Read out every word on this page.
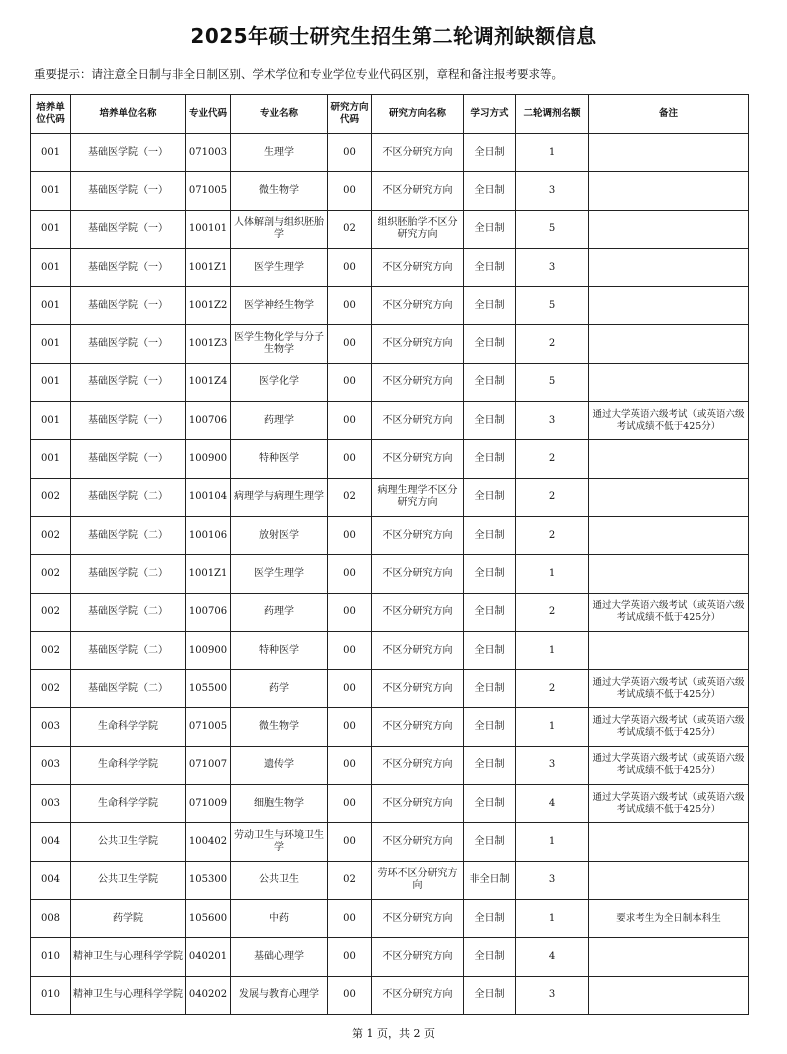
2025年硕士研究生招生第二轮调剂缺额信息
重要提示：请注意全日制与非全日制区别、学术学位和专业学位专业代码区别，章程和备注报考要求等。
培养单位代码	培养单位名称	专业代码	专业名称	研究方向代码	研究方向名称	学习方式	二轮调剂名额	备注
001	基础医学院（一）	071003	生理学	00	不区分研究方向	全日制	1	
001	基础医学院（一）	071005	微生物学	00	不区分研究方向	全日制	3	
001	基础医学院（一）	100101	人体解剖与组织胚胎学	02	组织胚胎学不区分研究方向	全日制	5	
001	基础医学院（一）	1001Z1	医学生理学	00	不区分研究方向	全日制	3	
001	基础医学院（一）	1001Z2	医学神经生物学	00	不区分研究方向	全日制	5	
001	基础医学院（一）	1001Z3	医学生物化学与分子生物学	00	不区分研究方向	全日制	2	
001	基础医学院（一）	1001Z4	医学化学	00	不区分研究方向	全日制	5	
001	基础医学院（一）	100706	药理学	00	不区分研究方向	全日制	3	通过大学英语六级考试（或英语六级考试成绩不低于425分）
001	基础医学院（一）	100900	特种医学	00	不区分研究方向	全日制	2	
002	基础医学院（二）	100104	病理学与病理生理学	02	病理生理学不区分研究方向	全日制	2	
002	基础医学院（二）	100106	放射医学	00	不区分研究方向	全日制	2	
002	基础医学院（二）	1001Z1	医学生理学	00	不区分研究方向	全日制	1	
002	基础医学院（二）	100706	药理学	00	不区分研究方向	全日制	2	通过大学英语六级考试（或英语六级考试成绩不低于425分）
002	基础医学院（二）	100900	特种医学	00	不区分研究方向	全日制	1	
002	基础医学院（二）	105500	药学	00	不区分研究方向	全日制	2	通过大学英语六级考试（或英语六级考试成绩不低于425分）
003	生命科学学院	071005	微生物学	00	不区分研究方向	全日制	1	通过大学英语六级考试（或英语六级考试成绩不低于425分）
003	生命科学学院	071007	遗传学	00	不区分研究方向	全日制	3	通过大学英语六级考试（或英语六级考试成绩不低于425分）
003	生命科学学院	071009	细胞生物学	00	不区分研究方向	全日制	4	通过大学英语六级考试（或英语六级考试成绩不低于425分）
004	公共卫生学院	100402	劳动卫生与环境卫生学	00	不区分研究方向	全日制	1	
004	公共卫生学院	105300	公共卫生	02	劳环不区分研究方向	非全日制	3	
008	药学院	105600	中药	00	不区分研究方向	全日制	1	要求考生为全日制本科生
010	精神卫生与心理科学学院	040201	基础心理学	00	不区分研究方向	全日制	4	
010	精神卫生与心理科学学院	040202	发展与教育心理学	00	不区分研究方向	全日制	3	
第 1 页，共 2 页
